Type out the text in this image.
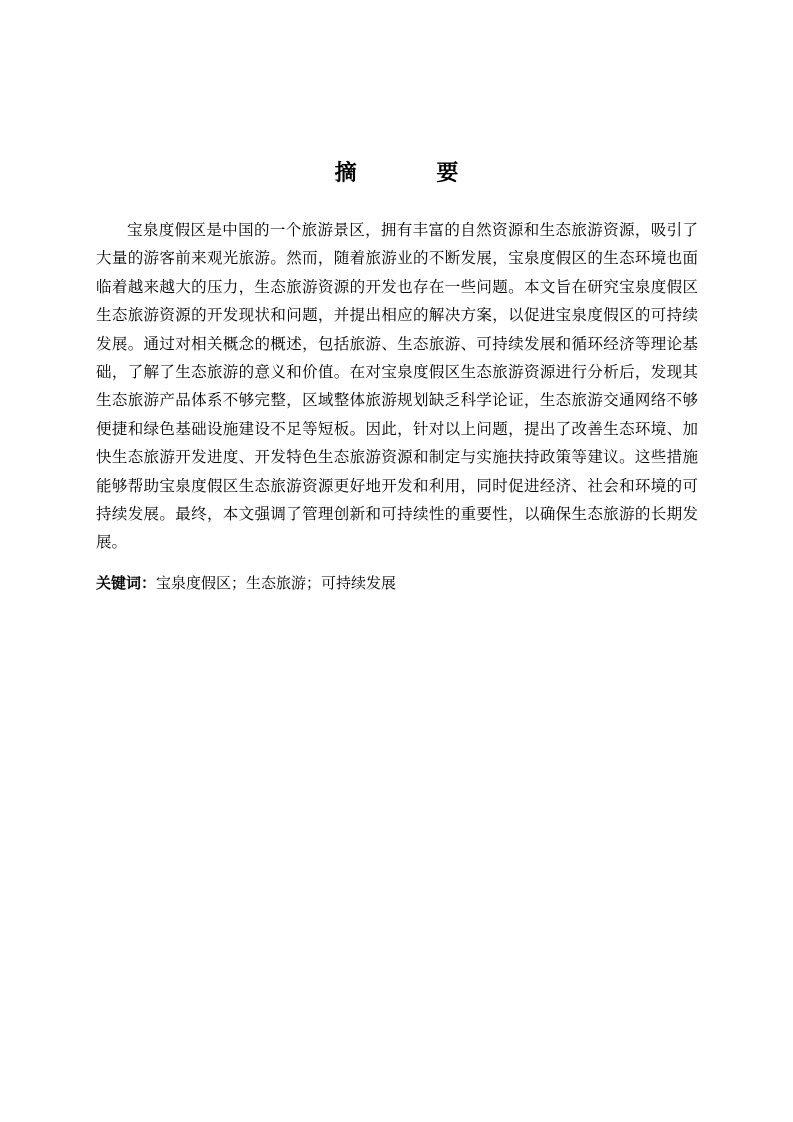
摘 要

宝泉度假区是中国的一个旅游景区，拥有丰富的自然资源和生态旅游资源，吸引了大量的游客前来观光旅游。然而，随着旅游业的不断发展，宝泉度假区的生态环境也面临着越来越大的压力，生态旅游资源的开发也存在一些问题。本文旨在研究宝泉度假区生态旅游资源的开发现状和问题，并提出相应的解决方案，以促进宝泉度假区的可持续发展。通过对相关概念的概述，包括旅游、生态旅游、可持续发展和循环经济等理论基础，了解了生态旅游的意义和价值。在对宝泉度假区生态旅游资源进行分析后，发现其生态旅游产品体系不够完整，区域整体旅游规划缺乏科学论证，生态旅游交通网络不够便捷和绿色基础设施建设不足等短板。因此，针对以上问题，提出了改善生态环境、加快生态旅游开发进度、开发特色生态旅游资源和制定与实施扶持政策等建议。这些措施能够帮助宝泉度假区生态旅游资源更好地开发和利用，同时促进经济、社会和环境的可持续发展。最终，本文强调了管理创新和可持续性的重要性，以确保生态旅游的长期发展。

关键词：宝泉度假区；生态旅游；可持续发展
